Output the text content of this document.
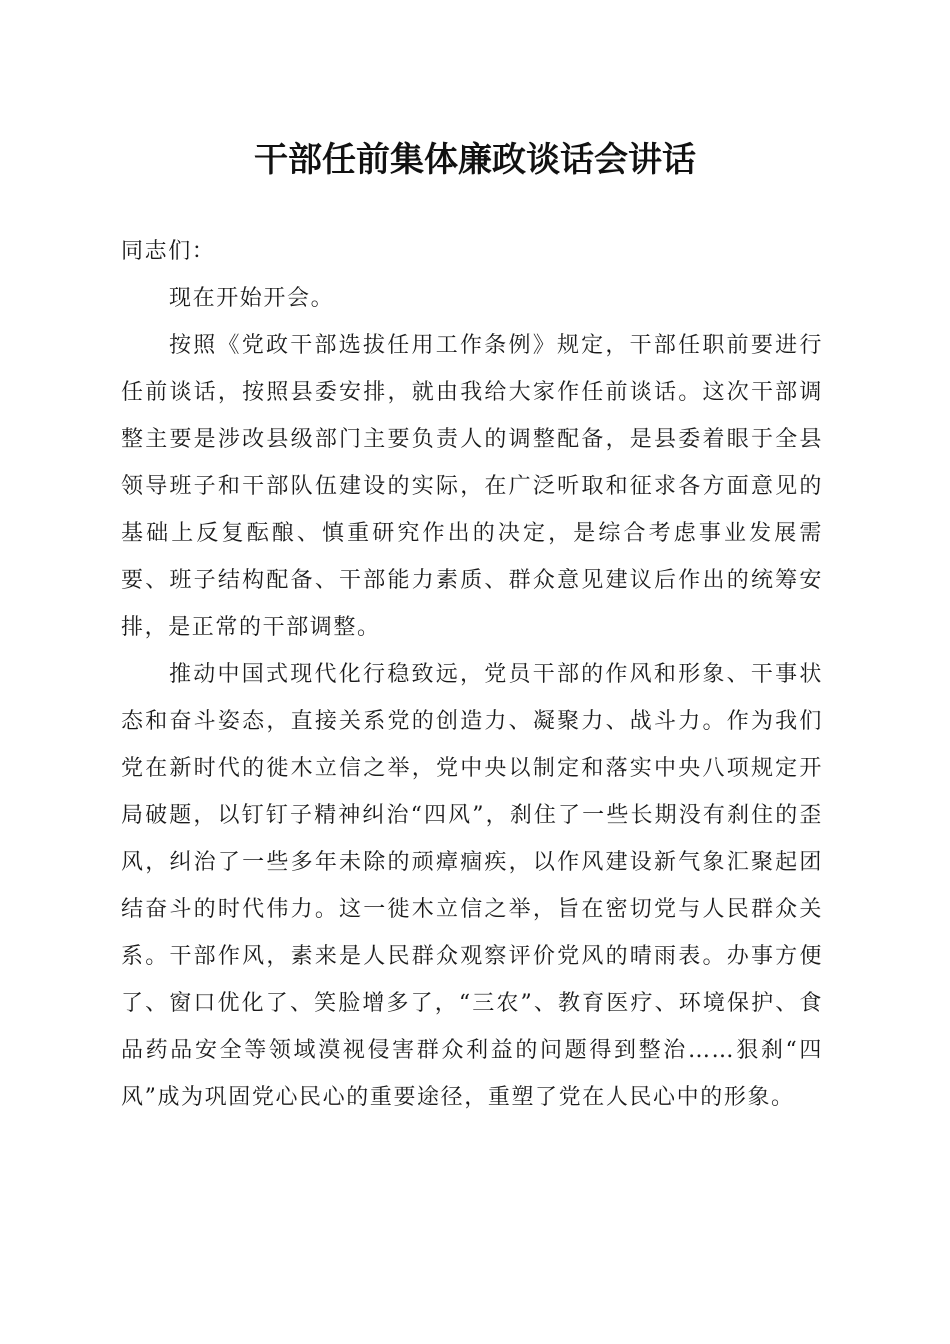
干部任前集体廉政谈话会讲话

同志们：

现在开始开会。

按照《党政干部选拔任用工作条例》规定，干部任职前要进行任前谈话，按照县委安排，就由我给大家作任前谈话。这次干部调整主要是涉改县级部门主要负责人的调整配备，是县委着眼于全县领导班子和干部队伍建设的实际，在广泛听取和征求各方面意见的基础上反复酝酿、慎重研究作出的决定，是综合考虑事业发展需要、班子结构配备、干部能力素质、群众意见建议后作出的统筹安排，是正常的干部调整。

推动中国式现代化行稳致远，党员干部的作风和形象、干事状态和奋斗姿态，直接关系党的创造力、凝聚力、战斗力。作为我们党在新时代的徙木立信之举，党中央以制定和落实中央八项规定开局破题，以钉钉子精神纠治“四风”，刹住了一些长期没有刹住的歪风，纠治了一些多年未除的顽瘴痼疾，以作风建设新气象汇聚起团结奋斗的时代伟力。这一徙木立信之举，旨在密切党与人民群众关系。干部作风，素来是人民群众观察评价党风的晴雨表。办事方便了、窗口优化了、笑脸增多了，“三农”、教育医疗、环境保护、食品药品安全等领域漠视侵害群众利益的问题得到整治……狠刹“四风”成为巩固党心民心的重要途径，重塑了党在人民心中的形象。
